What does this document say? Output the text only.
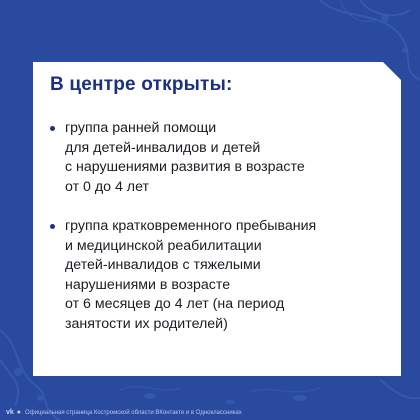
В центре открыты:
группа ранней помощи
для детей-инвалидов и детей
с нарушениями развития в возрасте
от 0 до 4 лет
группа кратковременного пребывания
и медицинской реабилитации
детей-инвалидов с тяжелыми
нарушениями в возрасте
от 6 месяцев до 4 лет (на период
занятости их родителей)
vk ● Официальная страница Костромской области ВКонтакте и в Одноклассниках
